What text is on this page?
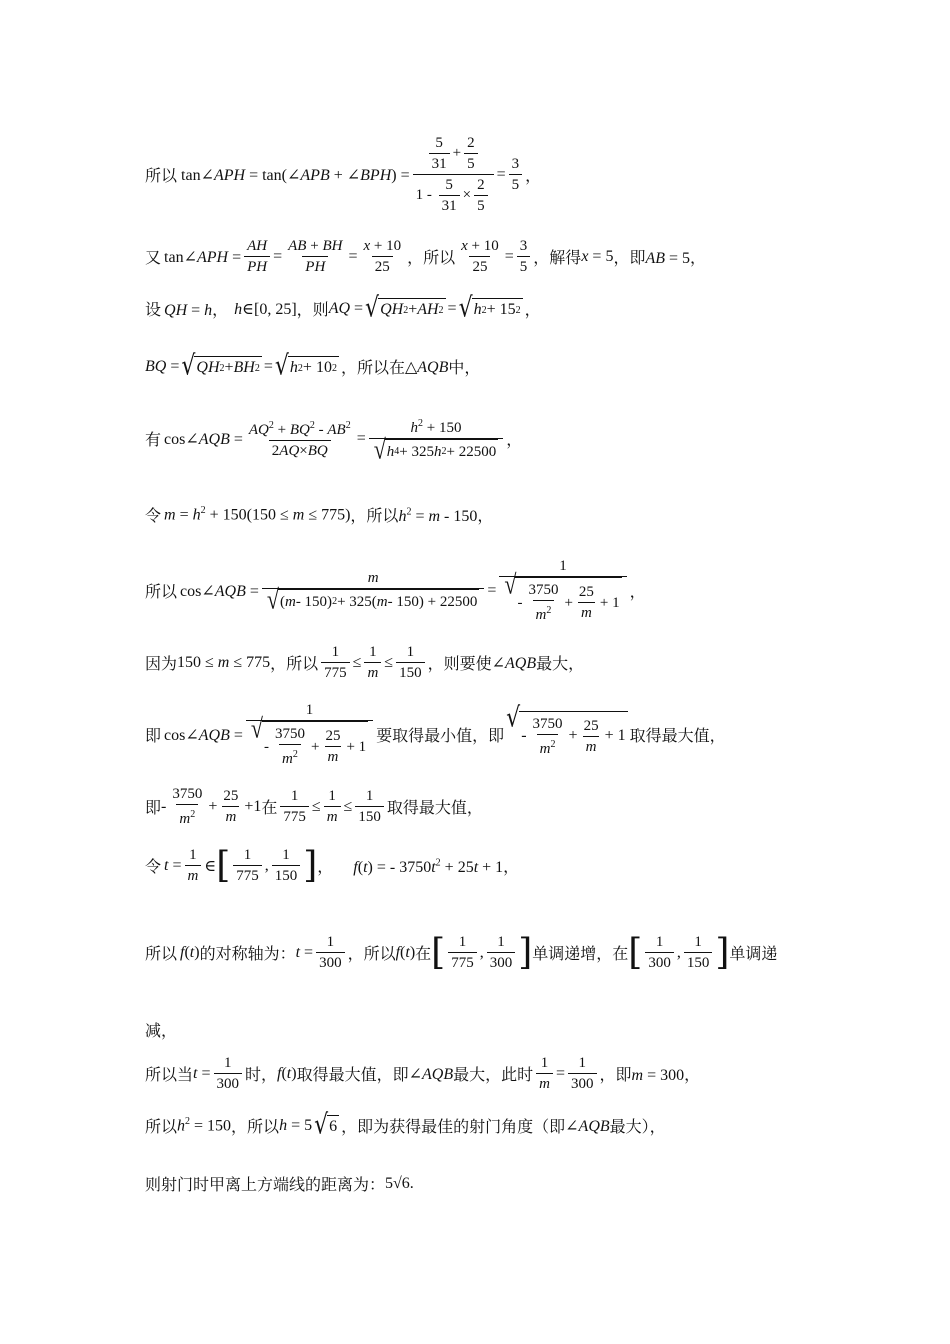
所以 tan∠APH = tan(∠APB + ∠BPH) = $\frac{\frac{5}{31} + \frac{2}{5}}{1 - \frac{5}{31} \times \frac{2}{5}} = \frac{3}{5}$ ，
又 tan∠APH = $\frac{AH}{PH} = \frac{AB + BH}{PH} = \frac{x + 10}{25}$ ，所以 $\frac{x + 10}{25} = \frac{3}{5}$ ，解得 x = 5 ，即 AB = 5，
设 QH = h， h∈[0, 25] ，则 AQ = √ QH 2 + AH 2 = √ h 2 + 15 2 ，
BQ = √ QH 2 + BH 2 = √ h 2 + 10 2 ，所以在 △AQB 中，
有 cos∠AQB = $\frac{AQ^2 + BQ^2 - AB^2}{2AQ\times BQ} = \frac{h^2 + 150}{√ h 4 + 325 h 2 + 22500}$ ，
令 $m = h^2 + 150(150 \le m \le 775)$ ，所以 $h^2 = m - 150$，
所以 cos∠AQB = $\frac{m}{√ ( m - 150) 2 + 325( m - 150) + 22500} = 1$
√
- $\frac{3750}{m^2} + \frac{25}{m} + 1$ ，
因为 150 ≤ m ≤ 775 ，所以 $\frac{1}{775} \le \frac{1}{m} \le \frac{1}{150}$ ，则要使 ∠AQB 最大，
即 cos∠AQB = 1
√
- $\frac{3750}{m^2} + \frac{25}{m} + 1$ 要取得最小值，即
√
- $\frac{3750}{m^2} + \frac{25}{m} + 1$ 取得最大值，
即 - $\frac{3750}{m^2} + \frac{25}{m} +1$ 在 $\frac{1}{775} \le \frac{1}{m} \le \frac{1}{150}$ 取得最大值，
令 $t = \frac{1}{m}$ ∈ [ $\frac{1}{775}$ , $\frac{1}{150}$ ] ， f(t) = - $3750t^2 + 25t + 1$，
所以 f(t) 的对称轴为： $t = \frac{1}{300}$ ，所以 f(t) 在 [ $\frac{1}{775}$ , $\frac{1}{300}$ ] 单调递增，在 [ $\frac{1}{300}$ , $\frac{1}{150}$ ] 单调递
减，
所以当 $t = \frac{1}{300}$ 时， f(t) 取得最大值，即 ∠AQB 最大，此时 $\frac{1}{m} = \frac{1}{300}$ ，即 m = 300，
所以 $h^2 = 150$ ，所以 h = 5 √ 6 ，即为获得最佳的射门角度（即 ∠AQB 最大），
则射门时甲离上方端线的距离为： 5√6 .
